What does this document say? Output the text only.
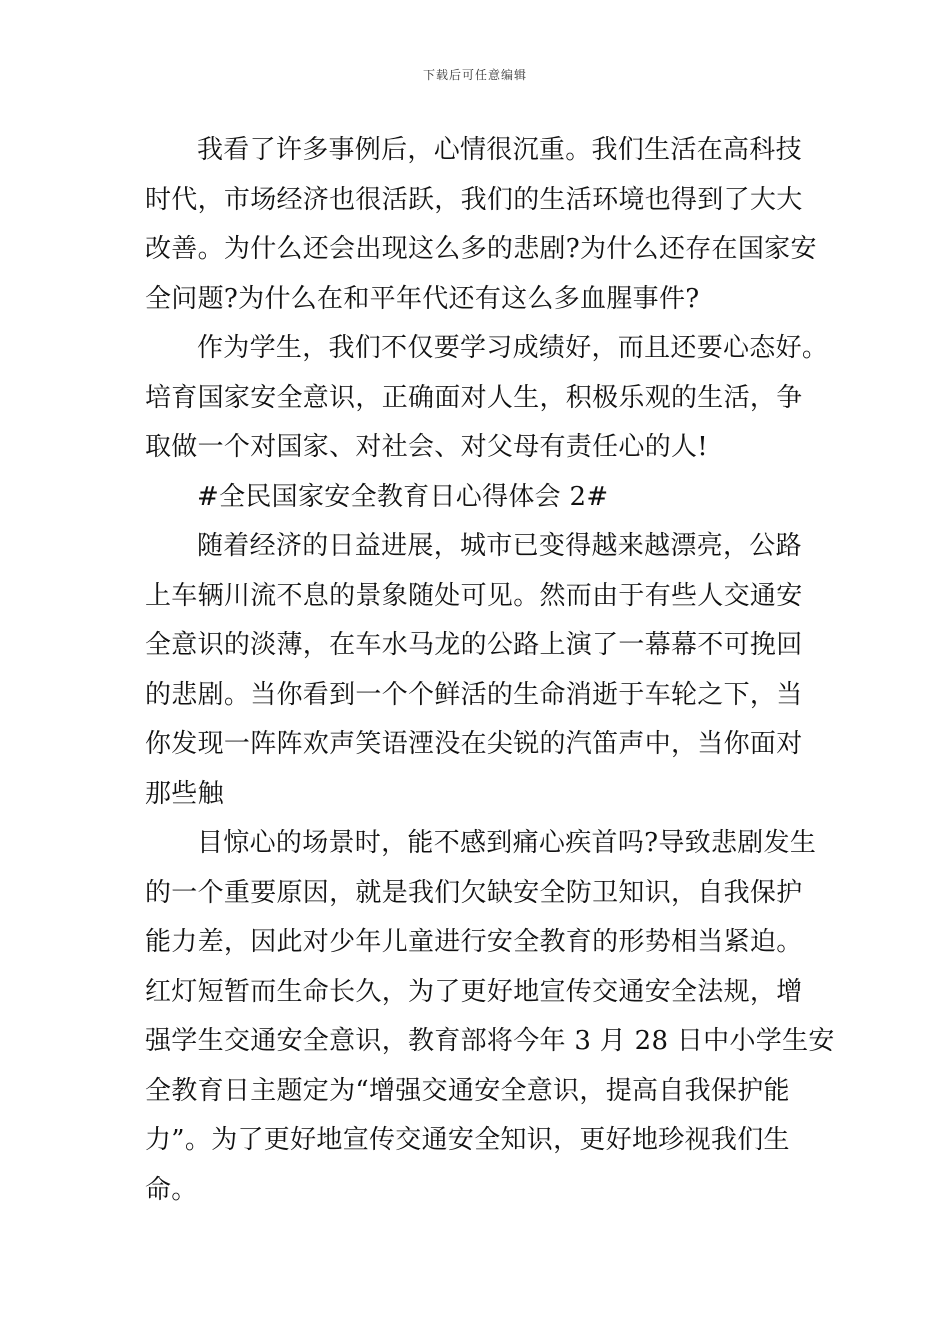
下载后可任意编辑
我看了许多事例后，心情很沉重。我们生活在高科技
时代，市场经济也很活跃，我们的生活环境也得到了大大
改善。为什么还会出现这么多的悲剧?为什么还存在国家安
全问题?为什么在和平年代还有这么多血腥事件?
作为学生，我们不仅要学习成绩好，而且还要心态好。
培育国家安全意识，正确面对人生，积极乐观的生活，争
取做一个对国家、对社会、对父母有责任心的人!
#全民国家安全教育日心得体会 2#
随着经济的日益进展，城市已变得越来越漂亮，公路
上车辆川流不息的景象随处可见。然而由于有些人交通安
全意识的淡薄，在车水马龙的公路上演了一幕幕不可挽回
的悲剧。当你看到一个个鲜活的生命消逝于车轮之下，当
你发现一阵阵欢声笑语湮没在尖锐的汽笛声中，当你面对
那些触
目惊心的场景时，能不感到痛心疾首吗?导致悲剧发生
的一个重要原因，就是我们欠缺安全防卫知识，自我保护
能力差，因此对少年儿童进行安全教育的形势相当紧迫。
红灯短暂而生命长久，为了更好地宣传交通安全法规，增
强学生交通安全意识，教育部将今年 3 月 28 日中小学生安
全教育日主题定为“增强交通安全意识，提高自我保护能
力”。为了更好地宣传交通安全知识，更好地珍视我们生
命。
